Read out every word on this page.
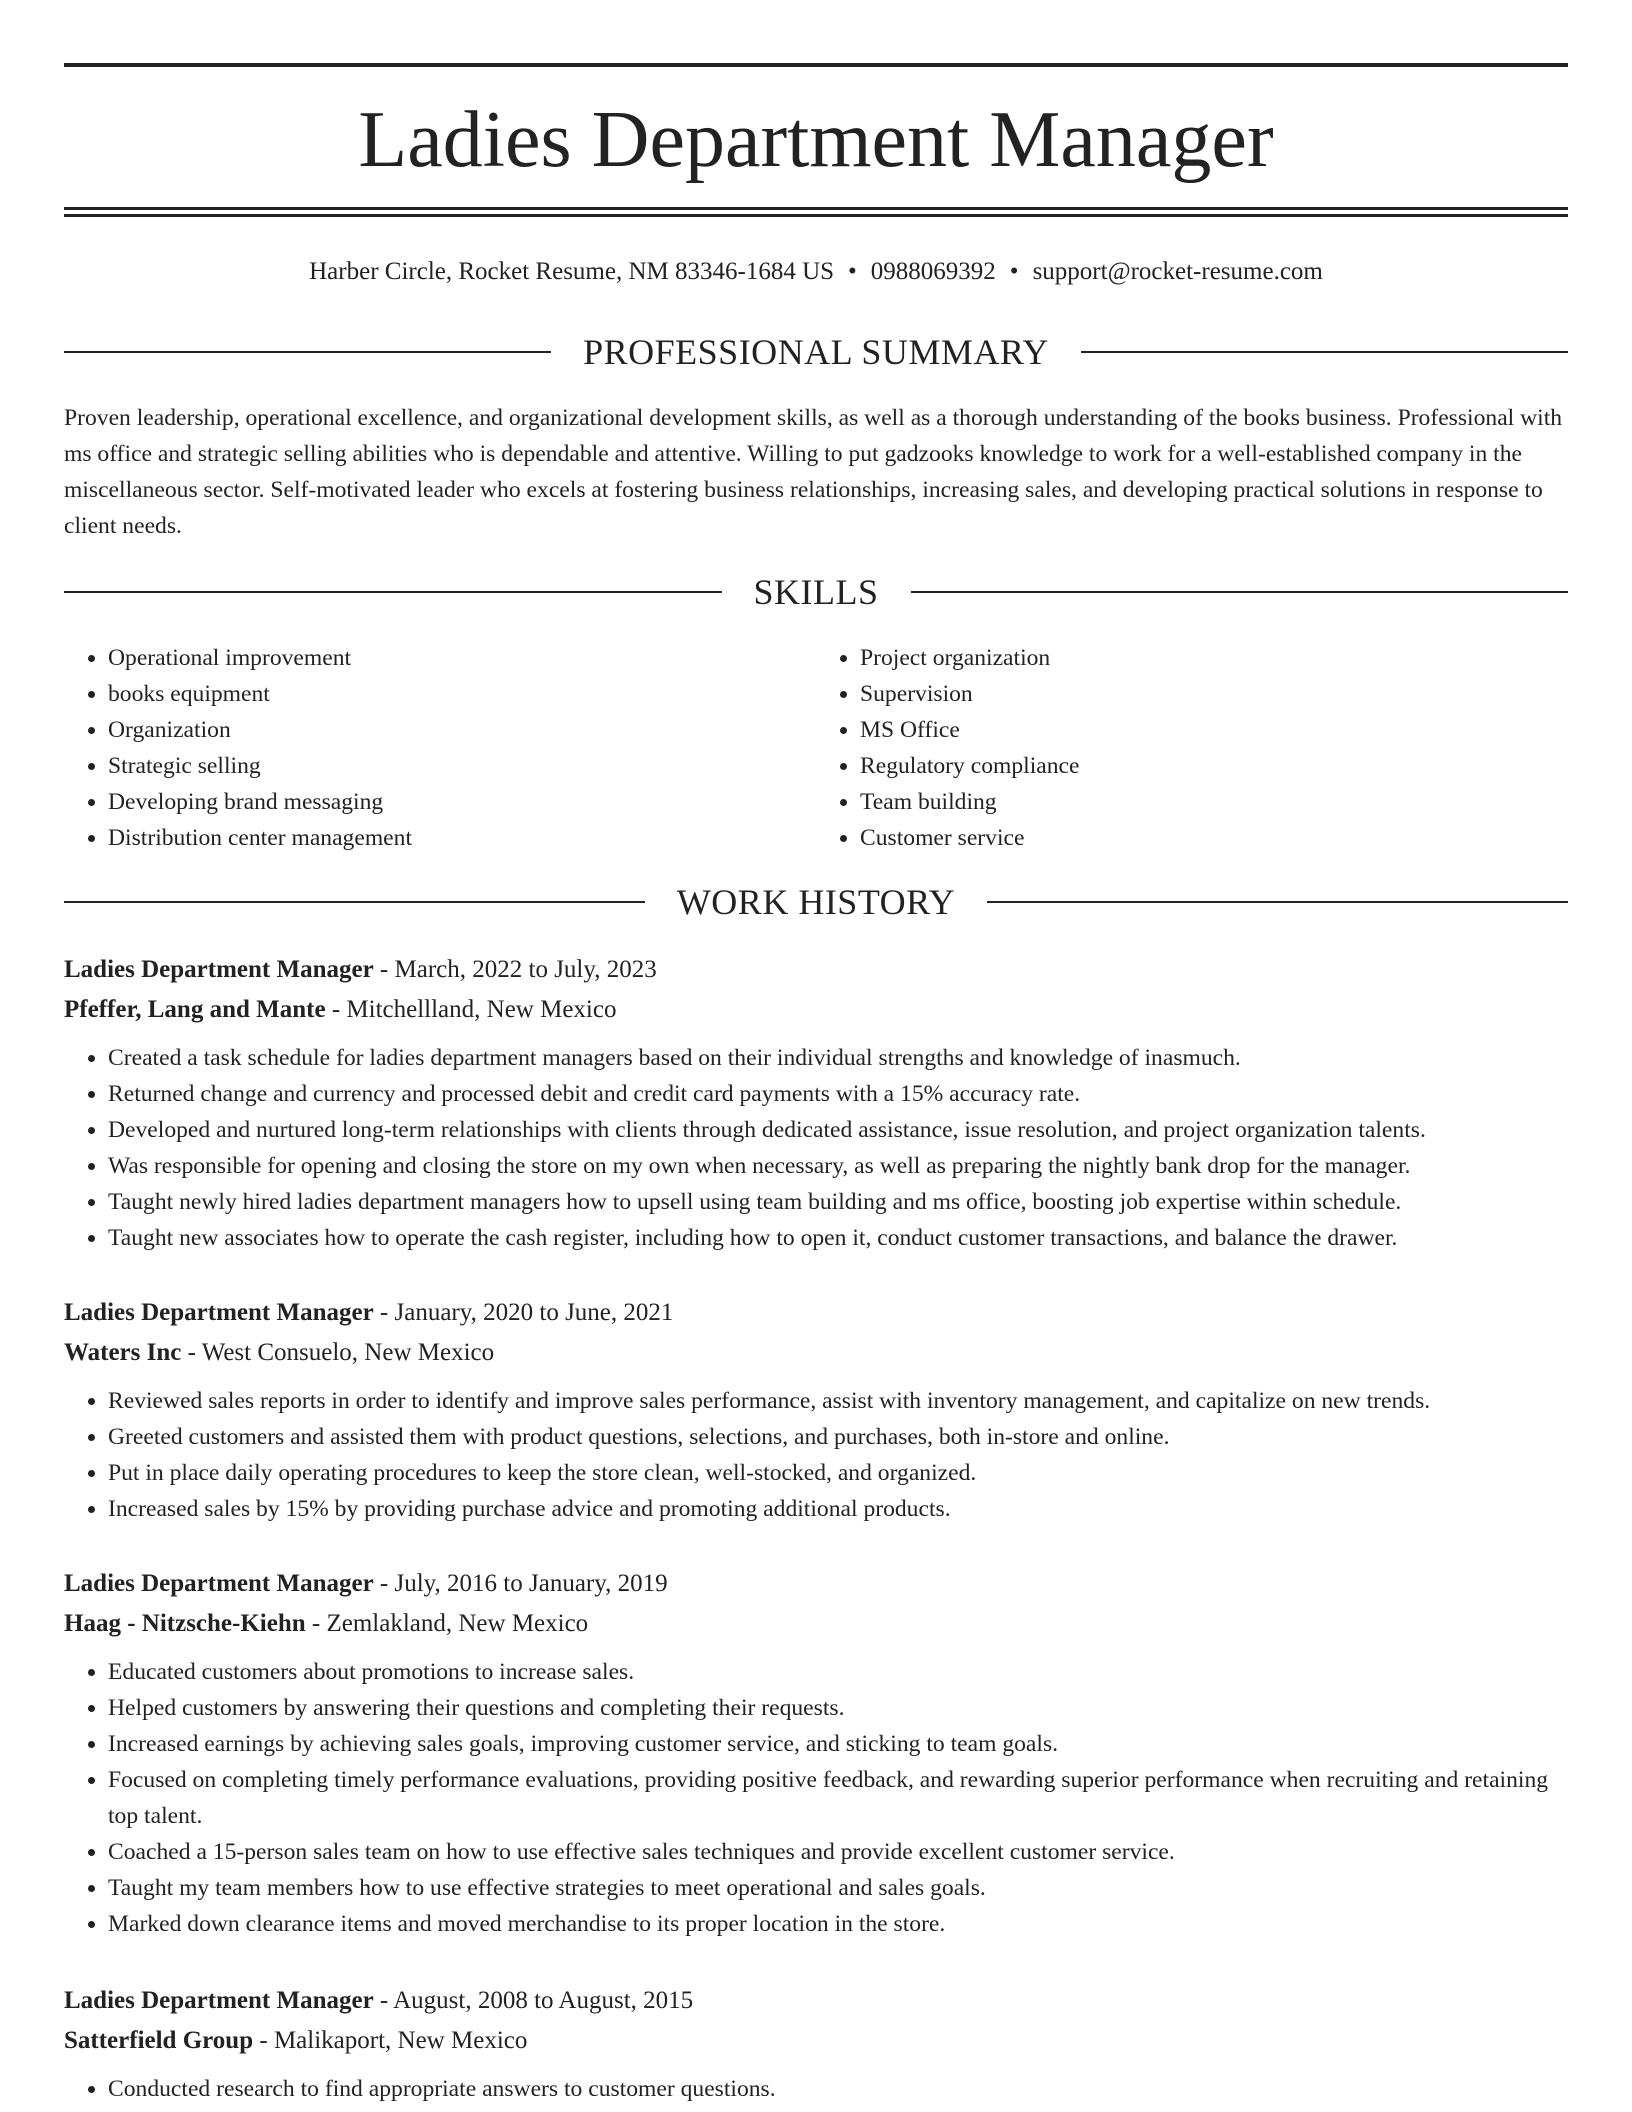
Ladies Department Manager
Harber Circle, Rocket Resume, NM 83346-1684 US • 0988069392 • support@rocket-resume.com
PROFESSIONAL SUMMARY

Proven leadership, operational excellence, and organizational development skills, as well as a thorough understanding of the books business. Professional with ms office and strategic selling abilities who is dependable and attentive. Willing to put gadzooks knowledge to work for a well-established company in the miscellaneous sector. Self-motivated leader who excels at fostering business relationships, increasing sales, and developing practical solutions in response to client needs.

SKILLS
• Operational improvement
• books equipment
• Organization
• Strategic selling
• Developing brand messaging
• Distribution center management
• Project organization
• Supervision
• MS Office
• Regulatory compliance
• Team building
• Customer service
WORK HISTORY
Ladies Department Manager - March, 2022 to July, 2023
Pfeffer, Lang and Mante - Mitchellland, New Mexico
• Created a task schedule for ladies department managers based on their individual strengths and knowledge of inasmuch.
• Returned change and currency and processed debit and credit card payments with a 15% accuracy rate.
• Developed and nurtured long-term relationships with clients through dedicated assistance, issue resolution, and project organization talents.
• Was responsible for opening and closing the store on my own when necessary, as well as preparing the nightly bank drop for the manager.
• Taught newly hired ladies department managers how to upsell using team building and ms office, boosting job expertise within schedule.
• Taught new associates how to operate the cash register, including how to open it, conduct customer transactions, and balance the drawer.
Ladies Department Manager - January, 2020 to June, 2021
Waters Inc - West Consuelo, New Mexico
• Reviewed sales reports in order to identify and improve sales performance, assist with inventory management, and capitalize on new trends.
• Greeted customers and assisted them with product questions, selections, and purchases, both in-store and online.
• Put in place daily operating procedures to keep the store clean, well-stocked, and organized.
• Increased sales by 15% by providing purchase advice and promoting additional products.
Ladies Department Manager - July, 2016 to January, 2019
Haag - Nitzsche-Kiehn - Zemlakland, New Mexico
• Educated customers about promotions to increase sales.
• Helped customers by answering their questions and completing their requests.
• Increased earnings by achieving sales goals, improving customer service, and sticking to team goals.
• Focused on completing timely performance evaluations, providing positive feedback, and rewarding superior performance when recruiting and retaining top talent.
• Coached a 15-person sales team on how to use effective sales techniques and provide excellent customer service.
• Taught my team members how to use effective strategies to meet operational and sales goals.
• Marked down clearance items and moved merchandise to its proper location in the store.
Ladies Department Manager - August, 2008 to August, 2015
Satterfield Group - Malikaport, New Mexico
• Conducted research to find appropriate answers to customer questions.
